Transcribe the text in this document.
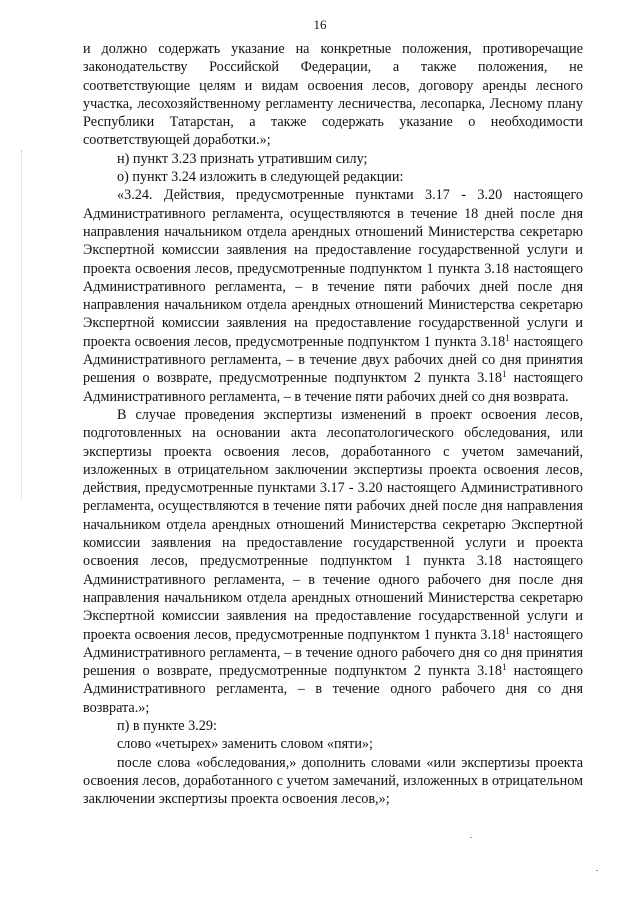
16

и должно содержать указание на конкретные положения, противоречащие законодательству Российской Федерации, а также положения, не соответствующие целям и видам освоения лесов, договору аренды лесного участка, лесохозяйственному регламенту лесничества, лесопарка, Лесному плану Республики Татарстан, а также содержать указание о необходимости соответствующей доработки.»;

н) пункт 3.23 признать утратившим силу;

о) пункт 3.24 изложить в следующей редакции:

«3.24. Действия, предусмотренные пунктами 3.17 - 3.20 настоящего Административного регламента, осуществляются в течение 18 дней после дня направления начальником отдела арендных отношений Министерства секретарю Экспертной комиссии заявления на предоставление государственной услуги и проекта освоения лесов, предусмотренные подпунктом 1 пункта 3.18 настоящего Административного регламента, – в течение пяти рабочих дней после дня направления начальником отдела арендных отношений Министерства секретарю Экспертной комиссии заявления на предоставление государственной услуги и проекта освоения лесов, предусмотренные подпунктом 1 пункта 3.18$^1$ настоящего Административного регламента, – в течение двух рабочих дней со дня принятия решения о возврате, предусмотренные подпунктом 2 пункта 3.18$^1$ настоящего Административного регламента, – в течение пяти рабочих дней со дня возврата.

В случае проведения экспертизы изменений в проект освоения лесов, подготовленных на основании акта лесопатологического обследования, или экспертизы проекта освоения лесов, доработанного с учетом замечаний, изложенных в отрицательном заключении экспертизы проекта освоения лесов, действия, предусмотренные пунктами 3.17 - 3.20 настоящего Административного регламента, осуществляются в течение пяти рабочих дней после дня направления начальником отдела арендных отношений Министерства секретарю Экспертной комиссии заявления на предоставление государственной услуги и проекта освоения лесов, предусмотренные подпунктом 1 пункта 3.18 настоящего Административного регламента, – в течение одного рабочего дня после дня направления начальником отдела арендных отношений Министерства секретарю Экспертной комиссии заявления на предоставление государственной услуги и проекта освоения лесов, предусмотренные подпунктом 1 пункта 3.18$^1$ настоящего Административного регламента, – в течение одного рабочего дня со дня принятия решения о возврате, предусмотренные подпунктом 2 пункта 3.18$^1$ настоящего Административного регламента, – в течение одного рабочего дня со дня возврата.»;

п) в пункте 3.29:

слово «четырех» заменить словом «пяти»;

после слова «обследования,» дополнить словами «или экспертизы проекта освоения лесов, доработанного с учетом замечаний, изложенных в отрицательном заключении экспертизы проекта освоения лесов,»;
